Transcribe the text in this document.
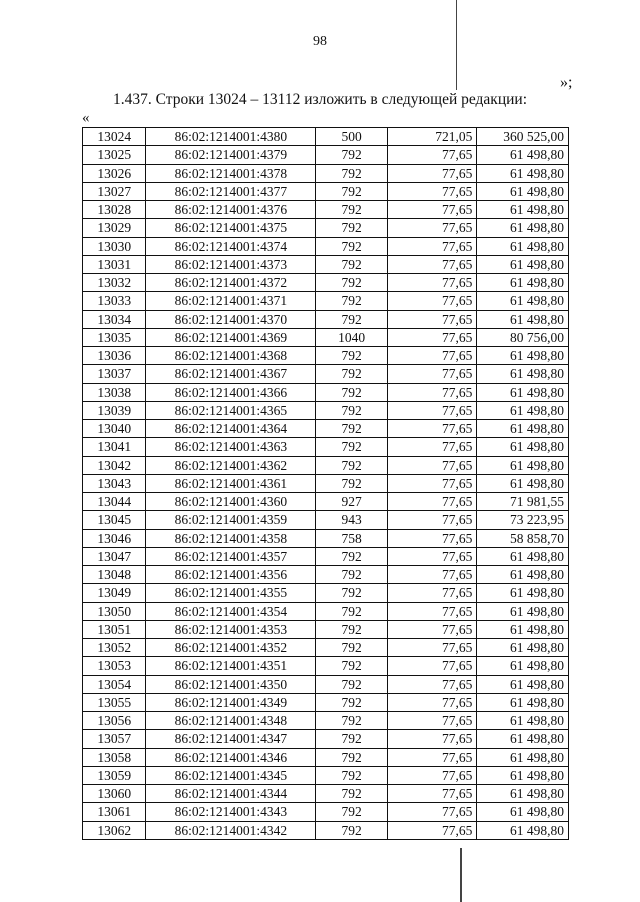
98
»;
1.437. Строки 13024 – 13112 изложить в следующей редакции:
«
13024	86:02:1214001:4380	500	721,05	360 525,00
13025	86:02:1214001:4379	792	77,65	61 498,80
13026	86:02:1214001:4378	792	77,65	61 498,80
13027	86:02:1214001:4377	792	77,65	61 498,80
13028	86:02:1214001:4376	792	77,65	61 498,80
13029	86:02:1214001:4375	792	77,65	61 498,80
13030	86:02:1214001:4374	792	77,65	61 498,80
13031	86:02:1214001:4373	792	77,65	61 498,80
13032	86:02:1214001:4372	792	77,65	61 498,80
13033	86:02:1214001:4371	792	77,65	61 498,80
13034	86:02:1214001:4370	792	77,65	61 498,80
13035	86:02:1214001:4369	1040	77,65	80 756,00
13036	86:02:1214001:4368	792	77,65	61 498,80
13037	86:02:1214001:4367	792	77,65	61 498,80
13038	86:02:1214001:4366	792	77,65	61 498,80
13039	86:02:1214001:4365	792	77,65	61 498,80
13040	86:02:1214001:4364	792	77,65	61 498,80
13041	86:02:1214001:4363	792	77,65	61 498,80
13042	86:02:1214001:4362	792	77,65	61 498,80
13043	86:02:1214001:4361	792	77,65	61 498,80
13044	86:02:1214001:4360	927	77,65	71 981,55
13045	86:02:1214001:4359	943	77,65	73 223,95
13046	86:02:1214001:4358	758	77,65	58 858,70
13047	86:02:1214001:4357	792	77,65	61 498,80
13048	86:02:1214001:4356	792	77,65	61 498,80
13049	86:02:1214001:4355	792	77,65	61 498,80
13050	86:02:1214001:4354	792	77,65	61 498,80
13051	86:02:1214001:4353	792	77,65	61 498,80
13052	86:02:1214001:4352	792	77,65	61 498,80
13053	86:02:1214001:4351	792	77,65	61 498,80
13054	86:02:1214001:4350	792	77,65	61 498,80
13055	86:02:1214001:4349	792	77,65	61 498,80
13056	86:02:1214001:4348	792	77,65	61 498,80
13057	86:02:1214001:4347	792	77,65	61 498,80
13058	86:02:1214001:4346	792	77,65	61 498,80
13059	86:02:1214001:4345	792	77,65	61 498,80
13060	86:02:1214001:4344	792	77,65	61 498,80
13061	86:02:1214001:4343	792	77,65	61 498,80
13062	86:02:1214001:4342	792	77,65	61 498,80
